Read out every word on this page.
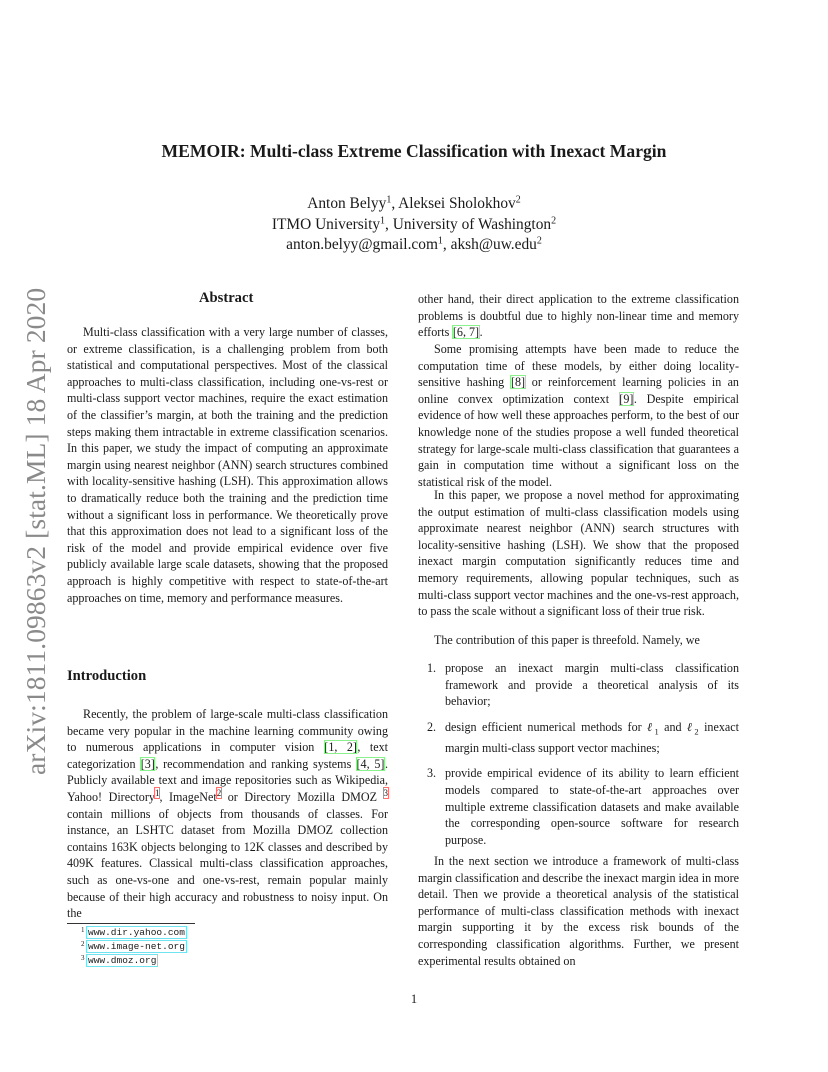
arXiv:1811.09863v2 [stat.ML] 18 Apr 2020
MEMOIR: Multi-class Extreme Classification with Inexact Margin
Anton Belyy$^1$, Aleksei Sholokhov$^2$
ITMO University$^1$, University of Washington$^2$
anton.belyy@gmail.com$^1$, aksh@uw.edu$^2$
Abstract

Multi-class classification with a very large number of classes, or extreme classification, is a challenging problem from both statistical and computational perspectives. Most of the classical approaches to multi-class classification, including one-vs-rest or multi-class support vector machines, require the exact estimation of the classifier’s margin, at both the training and the prediction steps making them intractable in extreme classification scenarios. In this paper, we study the impact of computing an approximate margin using nearest neighbor (ANN) search structures combined with locality-sensitive hashing (LSH). This approximation allows to dramatically reduce both the training and the prediction time without a significant loss in performance. We theoretically prove that this approximation does not lead to a significant loss of the risk of the model and provide empirical evidence over five publicly available large scale datasets, showing that the proposed approach is highly competitive with respect to state-of-the-art approaches on time, memory and performance measures.

Introduction

Recently, the problem of large-scale multi-class classification became very popular in the machine learning community owing to numerous applications in computer vision [1, 2], text categorization [3], recommendation and ranking systems [4, 5]. Publicly available text and image repositories such as Wikipedia, Yahoo! Directory$^1$, ImageNet$^2$ or Directory Mozilla DMOZ $^3$ contain millions of objects from thousands of classes. For instance, an LSHTC dataset from Mozilla DMOZ collection contains 163K objects belonging to 12K classes and described by 409K features. Classical multi-class classification approaches, such as one-vs-one and one-vs-rest, remain popular mainly because of their high accuracy and robustness to noisy input. On the

1 www.dir.yahoo.com
2 www.image-net.org
3 www.dmoz.org

other hand, their direct application to the extreme classification problems is doubtful due to highly non-linear time and memory efforts [6, 7].

Some promising attempts have been made to reduce the computation time of these models, by either doing locality-sensitive hashing [8] or reinforcement learning policies in an online convex optimization context [9]. Despite empirical evidence of how well these approaches perform, to the best of our knowledge none of the studies propose a well funded theoretical strategy for large-scale multi-class classification that guarantees a gain in computation time without a significant loss on the statistical risk of the model.

In this paper, we propose a novel method for approximating the output estimation of multi-class classification models using approximate nearest neighbor (ANN) search structures with locality-sensitive hashing (LSH). We show that the proposed inexact margin computation significantly reduces time and memory requirements, allowing popular techniques, such as multi-class support vector machines and the one-vs-rest approach, to pass the scale without a significant loss of their true risk.

The contribution of this paper is threefold. Namely, we

1. propose an inexact margin multi-class classification framework and provide a theoretical analysis of its behavior;
2. design efficient numerical methods for ℓ$_1$ and ℓ$_2$ inexact margin multi-class support vector machines;
3. provide empirical evidence of its ability to learn efficient models compared to state-of-the-art approaches over multiple extreme classification datasets and make available the corresponding open-source software for research purpose.

In the next section we introduce a framework of multi-class margin classification and describe the inexact margin idea in more detail. Then we provide a theoretical analysis of the statistical performance of multi-class classification methods with inexact margin supporting it by the excess risk bounds of the corresponding classification algorithms. Further, we present experimental results obtained on

1
